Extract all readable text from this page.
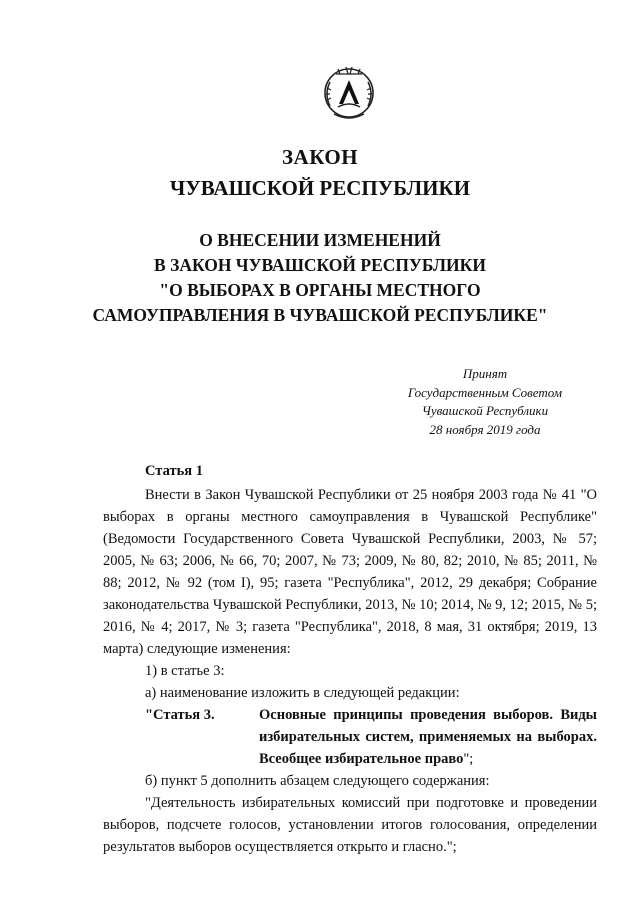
ЗАКОН
ЧУВАШСКОЙ РЕСПУБЛИКИ
О ВНЕСЕНИИ ИЗМЕНЕНИЙ
В ЗАКОН ЧУВАШСКОЙ РЕСПУБЛИКИ
"О ВЫБОРАХ В ОРГАНЫ МЕСТНОГО
САМОУПРАВЛЕНИЯ В ЧУВАШСКОЙ РЕСПУБЛИКЕ"
Принят
Государственным Советом
Чувашской Республики
28 ноября 2019 года

Статья 1

Внести в Закон Чувашской Республики от 25 ноября 2003 года № 41 "О выборах в органы местного самоуправления в Чувашской Республике" (Ведомости Государственного Совета Чувашской Республики, 2003, № 57; 2005, № 63; 2006, № 66, 70; 2007, № 73; 2009, № 80, 82; 2010, № 85; 2011, № 88; 2012, № 92 (том I), 95; газета "Республика", 2012, 29 декабря; Собрание законодательства Чувашской Республики, 2013, № 10; 2014, № 9, 12; 2015, № 5; 2016, № 4; 2017, № 3; газета "Республика", 2018, 8 мая, 31 октября; 2019, 13 марта) следующие изменения:

1) в статье 3:

а) наименование изложить в следующей редакции:

"Статья 3.	Основные принципы проведения выборов. Виды избирательных систем, применяемых на выборах. Всеобщее избирательное право";

б) пункт 5 дополнить абзацем следующего содержания:

"Деятельность избирательных комиссий при подготовке и проведении выборов, подсчете голосов, установлении итогов голосования, определении результатов выборов осуществляется открыто и гласно.";
